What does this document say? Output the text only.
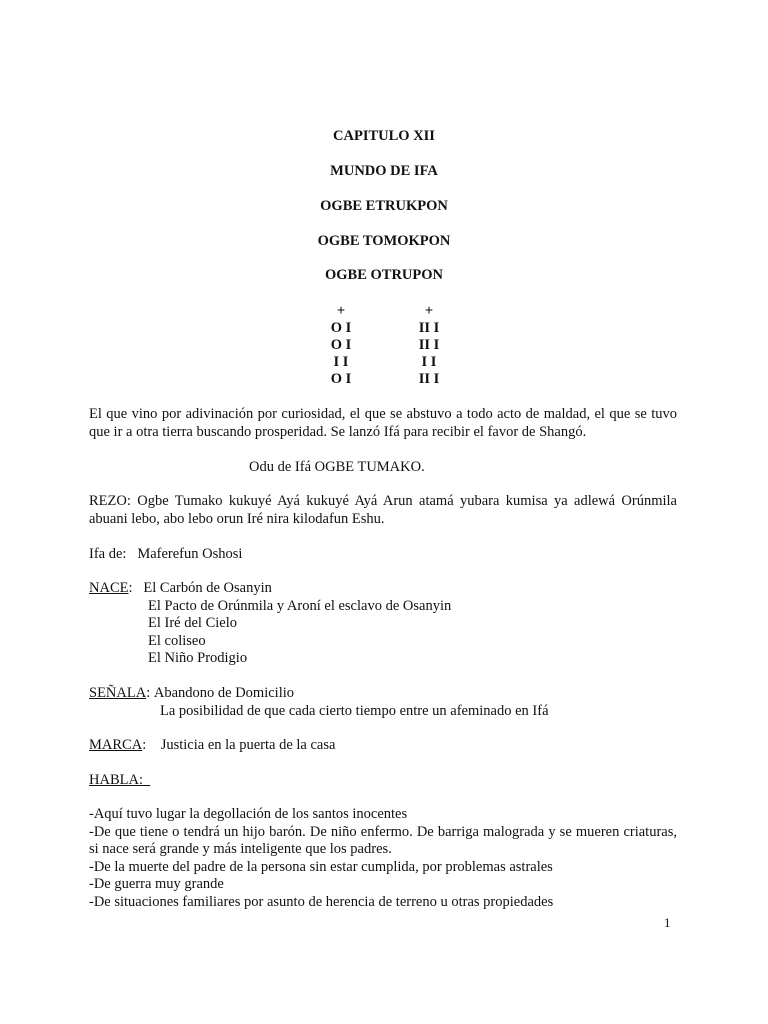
CAPITULO XII
MUNDO DE IFA
OGBE ETRUKPON
OGBE TOMOKPON
OGBE OTRUPON
+
O I
O I
I I
O I
+
II I
II I
I I
II I
El que vino por adivinación por curiosidad, el que se abstuvo a todo acto de maldad, el que se tuvo que ir a otra tierra buscando prosperidad. Se lanzó Ifá para recibir el favor de Shangó.
Odu de Ifá OGBE TUMAKO.
REZO: Ogbe Tumako kukuyé Ayá kukuyé Ayá Arun atamá yubara kumisa ya adlewá Orúnmila abuani lebo, abo lebo orun Iré nira kilodafun Eshu.
Ifa de: Maferefun Oshosi
NACE:   El Carbón de Osanyin
El Pacto de Orúnmila y Aroní el esclavo de Osanyin
El Iré del Cielo
El coliseo
El Niño Prodigio
SEÑALA: Abandono de Domicilio
La posibilidad de que cada cierto tiempo entre un afeminado en Ifá
MARCA:    Justicia en la puerta de la casa
HABLA:
-Aquí tuvo lugar la degollación de los santos inocentes
-De que tiene o tendrá un hijo barón. De niño enfermo. De barriga malograda y se mueren criaturas, si nace será grande y más inteligente que los padres.
-De la muerte del padre de la persona sin estar cumplida, por problemas astrales
-De guerra muy grande
-De situaciones familiares por asunto de herencia de terreno u otras propiedades
1
